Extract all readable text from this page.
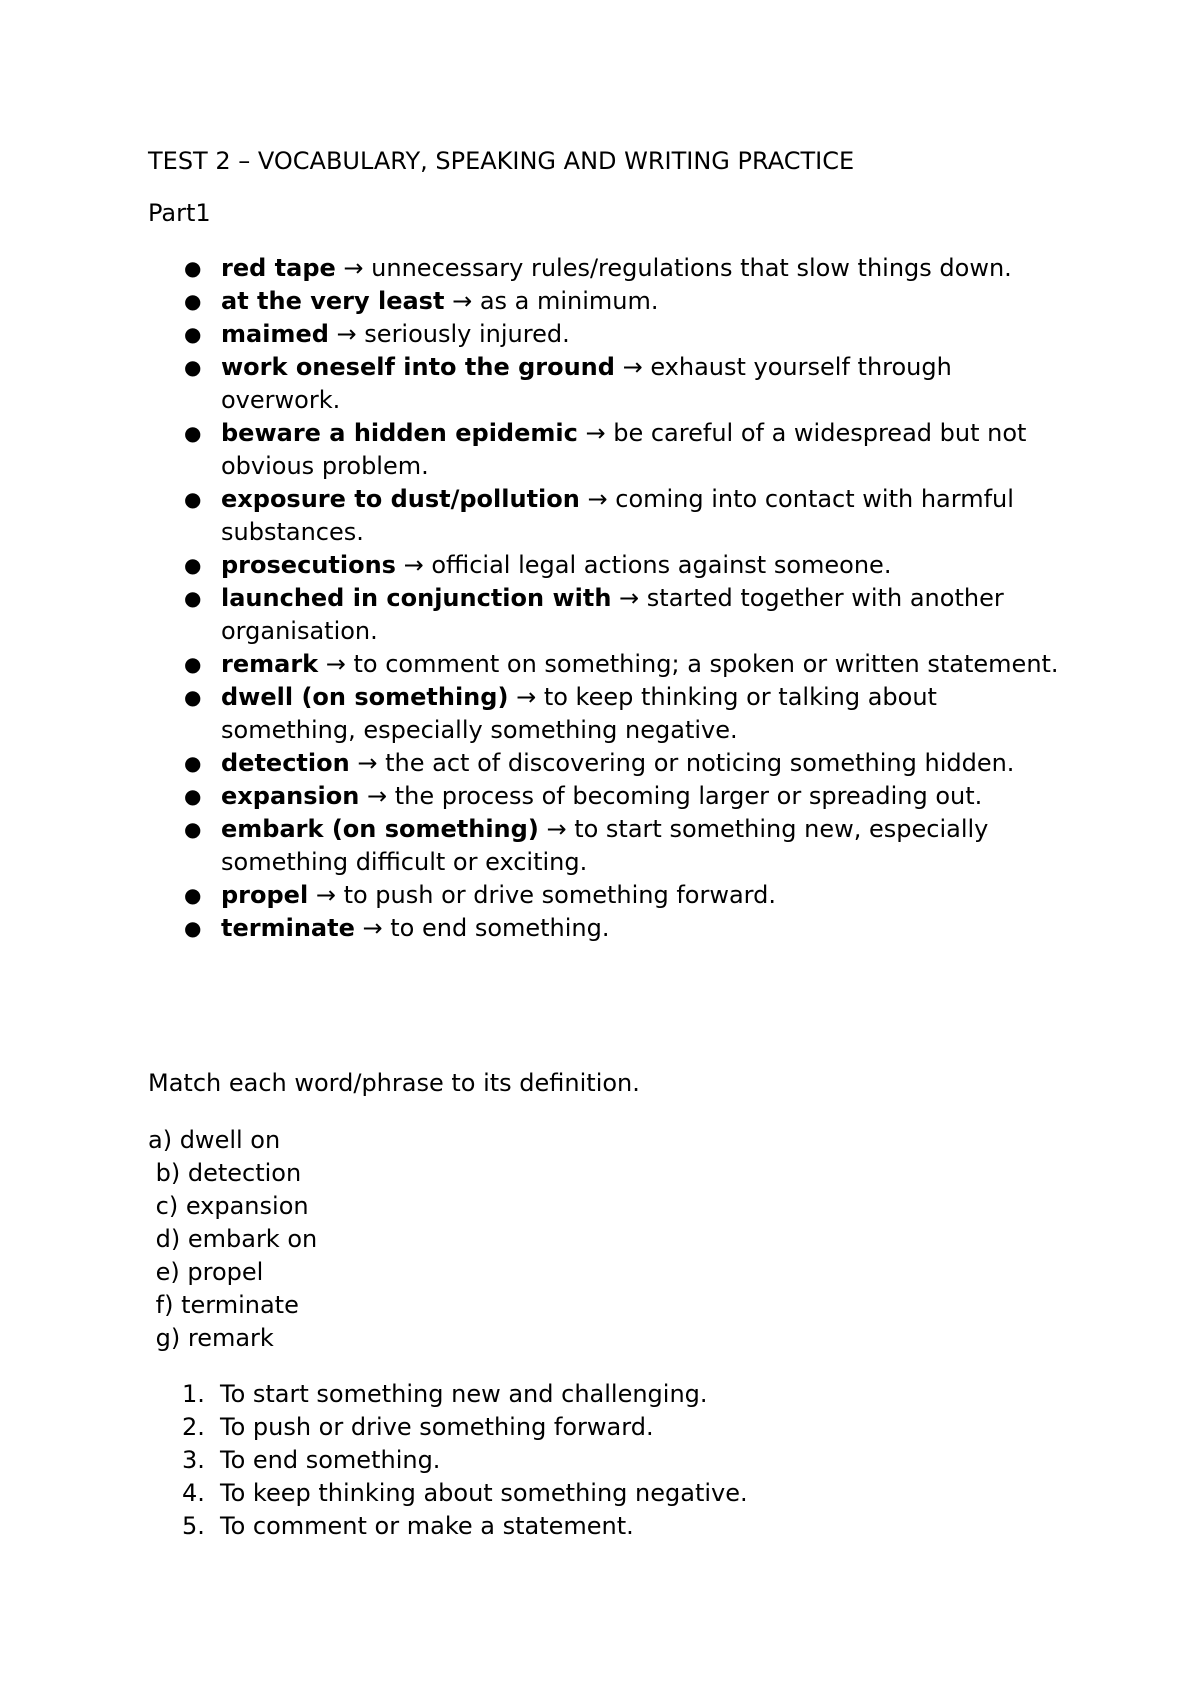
TEST 2 – VOCABULARY, SPEAKING AND WRITING PRACTICE
Part1
● red tape → unnecessary rules/regulations that slow things down.
● at the very least → as a minimum.
● maimed → seriously injured.
● work oneself into the ground → exhaust yourself through overwork.
● beware a hidden epidemic → be careful of a widespread but not obvious problem.
● exposure to dust/pollution → coming into contact with harmful substances.
● prosecutions → official legal actions against someone.
● launched in conjunction with → started together with another organisation.
● remark → to comment on something; a spoken or written statement.
● dwell (on something) → to keep thinking or talking about something, especially something negative.
● detection → the act of discovering or noticing something hidden.
● expansion → the process of becoming larger or spreading out.
● embark (on something) → to start something new, especially something difficult or exciting.
● propel → to push or drive something forward.
● terminate → to end something.
Match each word/phrase to its definition.
a) dwell on
b) detection
c) expansion
d) embark on
e) propel
f) terminate
g) remark
1. To start something new and challenging.
2. To push or drive something forward.
3. To end something.
4. To keep thinking about something negative.
5. To comment or make a statement.
